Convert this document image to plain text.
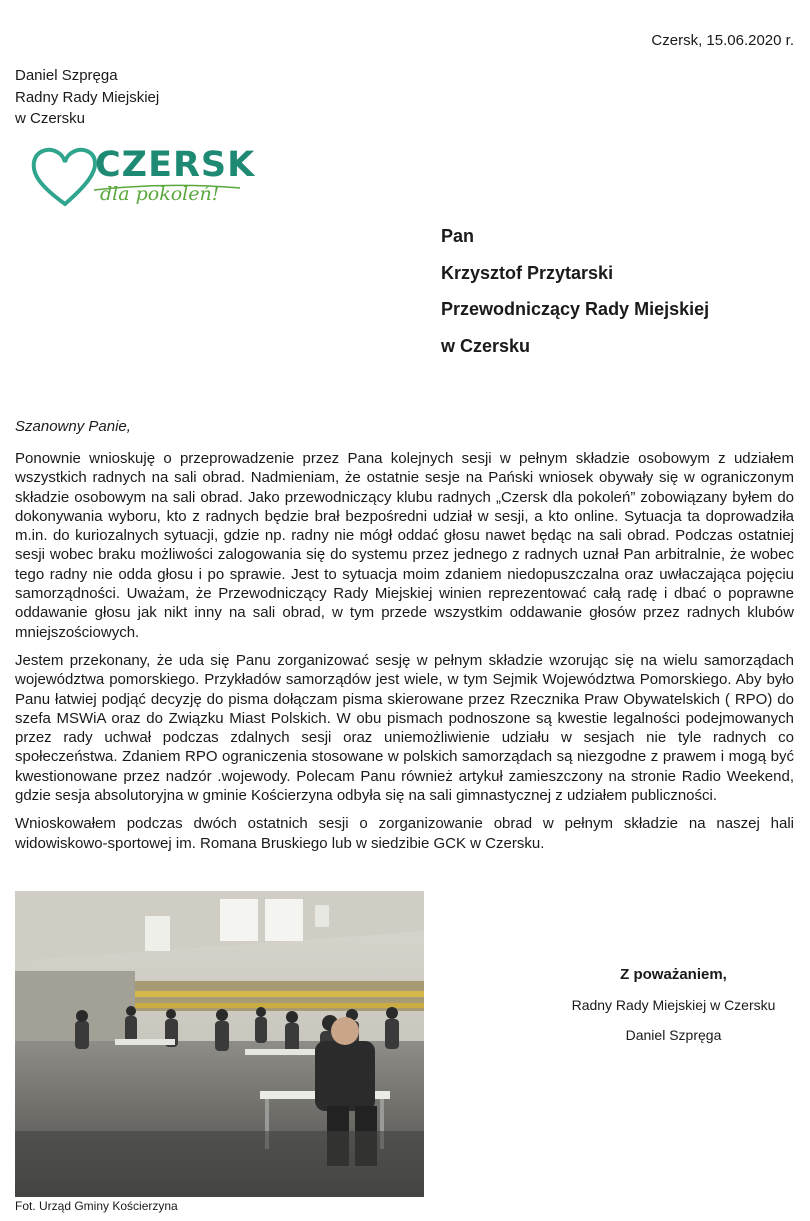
Czersk, 15.06.2020 r.
Daniel Szpręga
Radny Rady Miejskiej
w Czersku
CZERSK
dla pokoleń!
Pan
Krzysztof Przytarski
Przewodniczący Rady Miejskiej
w Czersku
Szanowny Panie,

Ponownie wnioskuję o przeprowadzenie przez Pana kolejnych sesji w pełnym składzie osobowym z udziałem wszystkich radnych na sali obrad. Nadmieniam, że ostatnie sesje na Pański wniosek obywały się w ograniczonym składzie osobowym na sali obrad. Jako przewodniczący klubu radnych „Czersk dla pokoleń” zobowiązany byłem do dokonywania wyboru, kto z radnych będzie brał bezpośredni udział w sesji, a kto online. Sytuacja ta doprowadziła m.in. do kuriozalnych sytuacji, gdzie np. radny nie mógł oddać głosu nawet będąc na sali obrad. Podczas ostatniej sesji wobec braku możliwości zalogowania się do systemu przez jednego z radnych uznał Pan arbitralnie, że wobec tego radny nie odda głosu i po sprawie. Jest to sytuacja moim zdaniem niedopuszczalna oraz uwłaczająca pojęciu samorządności. Uważam, że Przewodniczący Rady Miejskiej winien reprezentować całą radę i dbać o poprawne oddawanie głosu jak nikt inny na sali obrad, w tym przede wszystkim oddawanie głosów przez radnych klubów mniejszościowych.

Jestem przekonany, że uda się Panu zorganizować sesję w pełnym składzie wzorując się na wielu samorządach województwa pomorskiego. Przykładów samorządów jest wiele, w tym Sejmik Województwa Pomorskiego. Aby było Panu łatwiej podjąć decyzję do pisma dołączam pisma skierowane przez Rzecznika Praw Obywatelskich ( RPO) do szefa MSWiA oraz do Związku Miast Polskich. W obu pismach podnoszone są kwestie legalności podejmowanych przez rady uchwał podczas zdalnych sesji oraz uniemożliwienie udziału w sesjach nie tyle radnych co społeczeństwa. Zdaniem RPO ograniczenia stosowane w polskich samorządach są niezgodne z prawem i mogą być kwestionowane przez nadzór .wojewody. Polecam Panu również artykuł zamieszczony na stronie Radio Weekend, gdzie sesja absolutoryjna w gminie Kościerzyna odbyła się na sali gimnastycznej z udziałem publiczności.

Wnioskowałem podczas dwóch ostatnich sesji o zorganizowanie obrad w pełnym składzie na naszej hali widowiskowo-sportowej im. Romana Bruskiego lub w siedzibie GCK w Czersku.

Fot. Urząd Gminy Kościerzyna
Z poważaniem,
Radny Rady Miejskiej w Czersku
Daniel Szpręga
